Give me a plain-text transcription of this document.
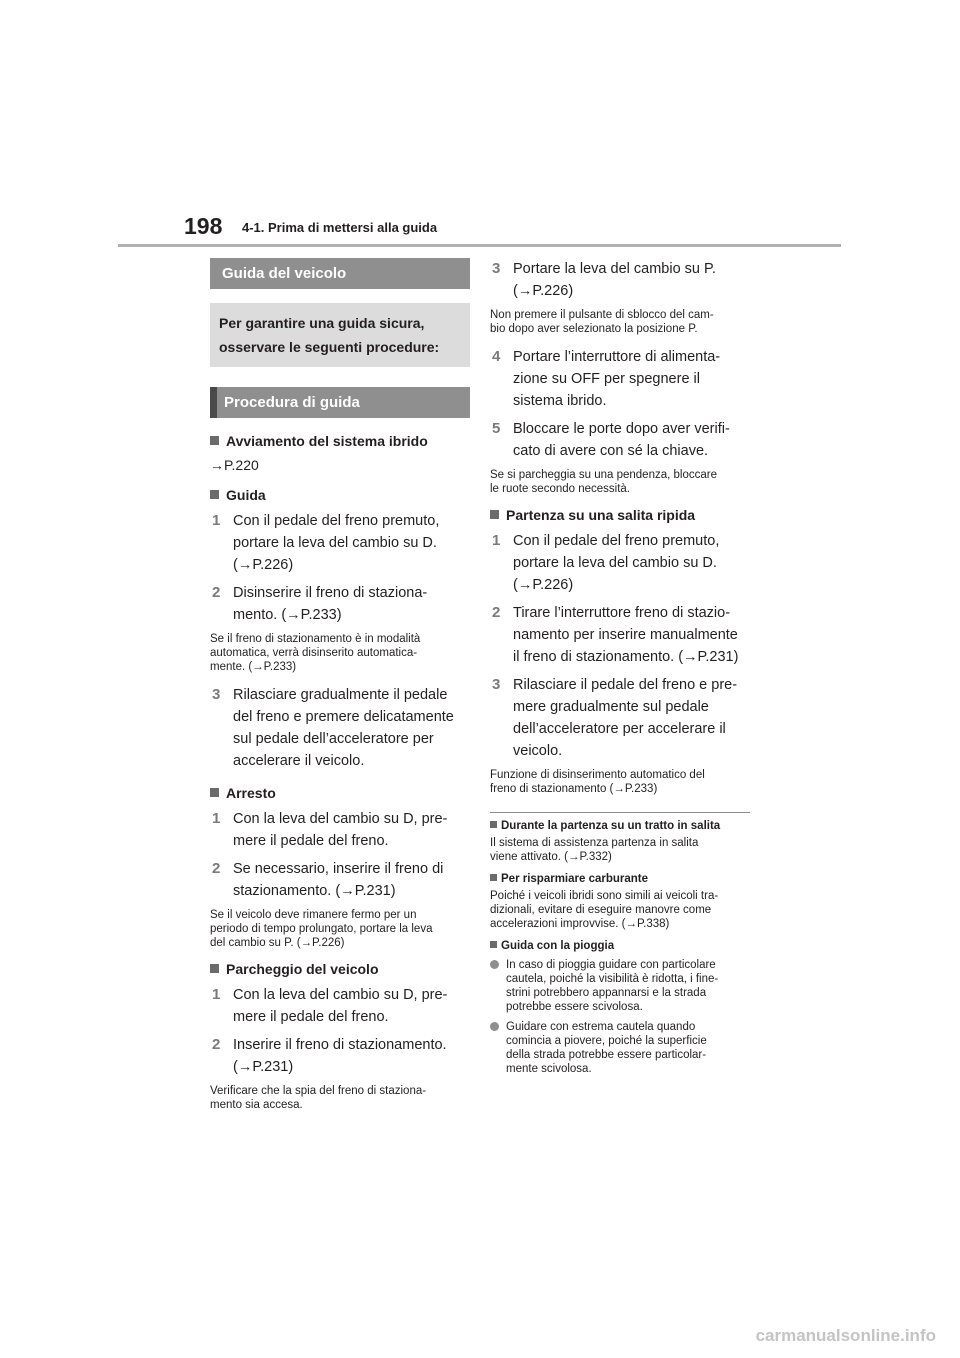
198 4-1. Prima di mettersi alla guida
Guida del veicolo
Per garantire una guida sicura,
osservare le seguenti procedure:
Procedura di guida
Avviamento del sistema ibrido
→P.220
Guida
1 Con il pedale del freno premuto,
portare la leva del cambio su D.
(→P.226)
2 Disinserire il freno di staziona-
mento. (→P.233)
Se il freno di stazionamento è in modalità
automatica, verrà disinserito automatica-
mente. (→P.233)
3 Rilasciare gradualmente il pedale
del freno e premere delicatamente
sul pedale dell’acceleratore per
accelerare il veicolo.
Arresto
1 Con la leva del cambio su D, pre-
mere il pedale del freno.
2 Se necessario, inserire il freno di
stazionamento. (→P.231)
Se il veicolo deve rimanere fermo per un
periodo di tempo prolungato, portare la leva
del cambio su P. (→P.226)
Parcheggio del veicolo
1 Con la leva del cambio su D, pre-
mere il pedale del freno.
2 Inserire il freno di stazionamento.
(→P.231)
Verificare che la spia del freno di staziona-
mento sia accesa.
3 Portare la leva del cambio su P.
(→P.226)
Non premere il pulsante di sblocco del cam-
bio dopo aver selezionato la posizione P.
4 Portare l’interruttore di alimenta-
zione su OFF per spegnere il
sistema ibrido.
5 Bloccare le porte dopo aver verifi-
cato di avere con sé la chiave.
Se si parcheggia su una pendenza, bloccare
le ruote secondo necessità.
Partenza su una salita ripida
1 Con il pedale del freno premuto,
portare la leva del cambio su D.
(→P.226)
2 Tirare l’interruttore freno di stazio-
namento per inserire manualmente
il freno di stazionamento. (→P.231)
3 Rilasciare il pedale del freno e pre-
mere gradualmente sul pedale
dell’acceleratore per accelerare il
veicolo.
Funzione di disinserimento automatico del
freno di stazionamento (→P.233)
Durante la partenza su un tratto in salita
Il sistema di assistenza partenza in salita
viene attivato. (→P.332)
Per risparmiare carburante
Poiché i veicoli ibridi sono simili ai veicoli tra-
dizionali, evitare di eseguire manovre come
accelerazioni improvvise. (→P.338)
Guida con la pioggia
In caso di pioggia guidare con particolare
cautela, poiché la visibilità è ridotta, i fine-
strini potrebbero appannarsi e la strada
potrebbe essere scivolosa.
Guidare con estrema cautela quando
comincia a piovere, poiché la superficie
della strada potrebbe essere particolar-
mente scivolosa.
carmanualsonline.info
